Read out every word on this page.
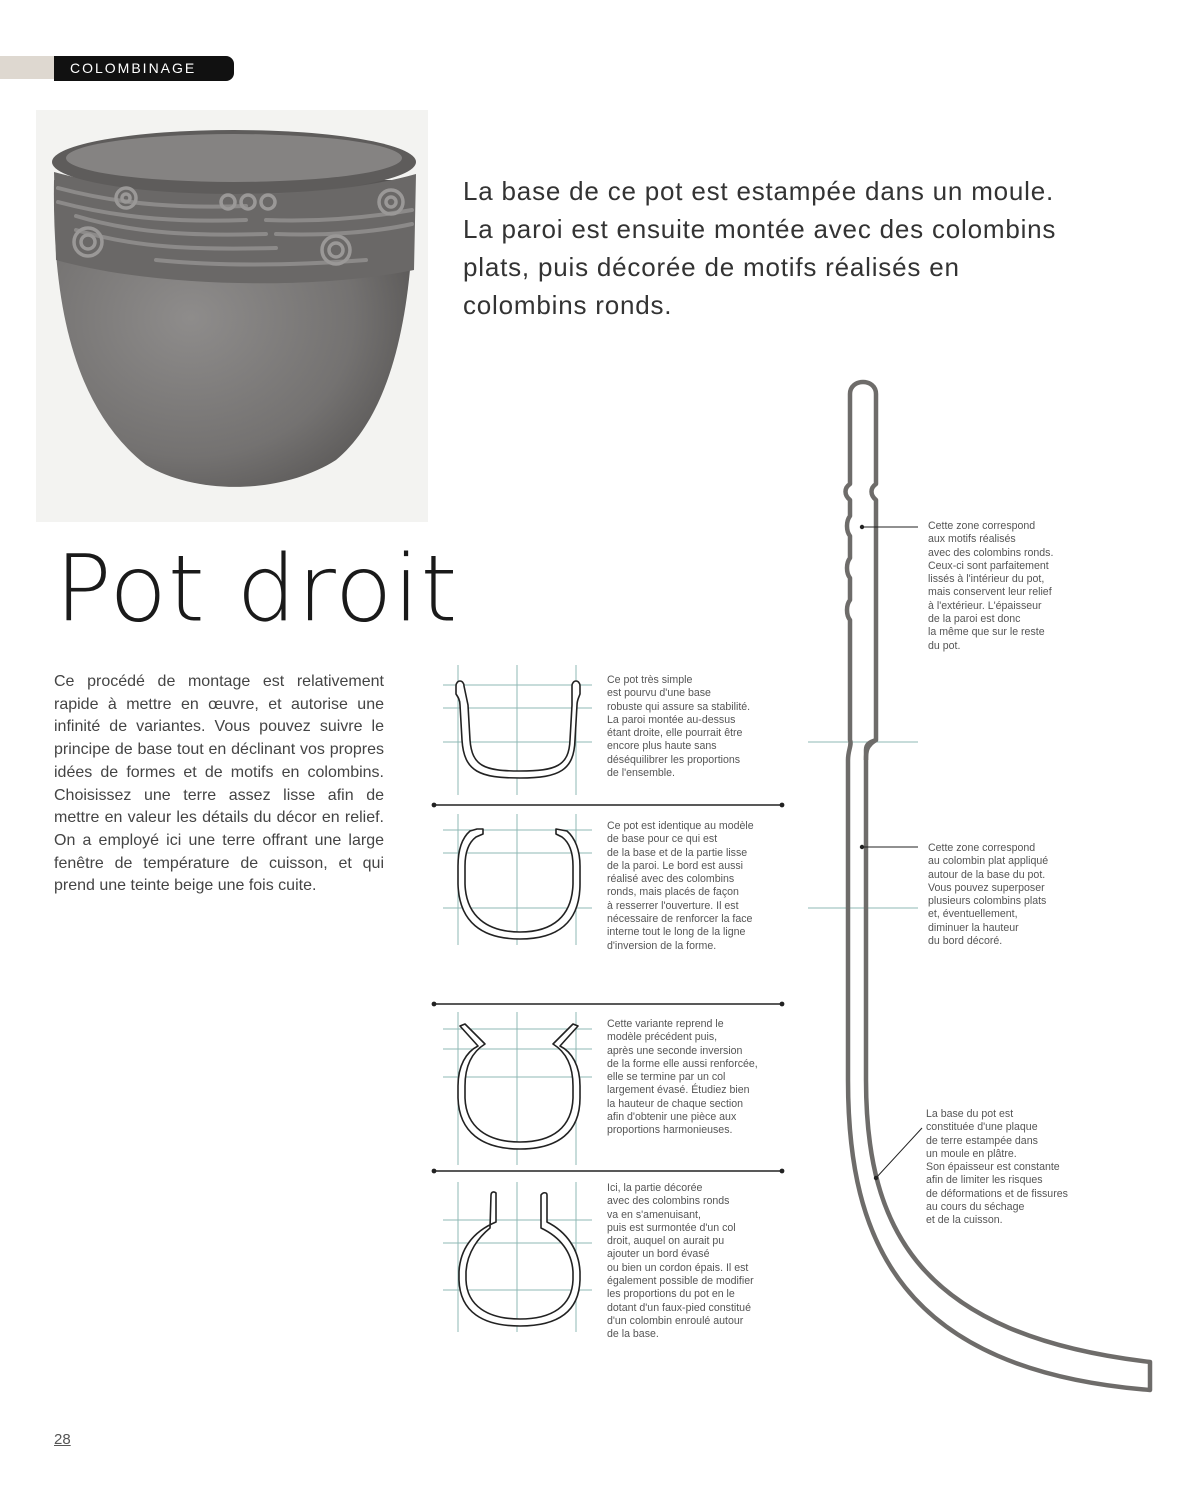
COLOMBINAGE
La base de ce pot est estampée dans un moule. La paroi est ensuite montée avec des colombins plats, puis décorée de motifs réalisés en colombins ronds.
Pot droit
Ce procédé de montage est relativement rapide à mettre en œuvre, et autorise une infinité de variantes. Vous pouvez suivre le principe de base tout en déclinant vos propres idées de formes et de motifs en colombins. Choisissez une terre assez lisse afin de mettre en valeur les détails du décor en relief. On a employé ici une terre offrant une large fenêtre de température de cuisson, et qui prend une teinte beige une fois cuite.
Ce pot très simple
est pourvu d'une base
robuste qui assure sa stabilité.
La paroi montée au-dessus
étant droite, elle pourrait être
encore plus haute sans
déséquilibrer les proportions
de l'ensemble.
Ce pot est identique au modèle
de base pour ce qui est
de la base et de la partie lisse
de la paroi. Le bord est aussi
réalisé avec des colombins
ronds, mais placés de façon
à resserrer l'ouverture. Il est
nécessaire de renforcer la face
interne tout le long de la ligne
d'inversion de la forme.
Cette variante reprend le
modèle précédent puis,
après une seconde inversion
de la forme elle aussi renforcée,
elle se termine par un col
largement évasé. Étudiez bien
la hauteur de chaque section
afin d'obtenir une pièce aux
proportions harmonieuses.
Ici, la partie décorée
avec des colombins ronds
va en s'amenuisant,
puis est surmontée d'un col
droit, auquel on aurait pu
ajouter un bord évasé
ou bien un cordon épais. Il est
également possible de modifier
les proportions du pot en le
dotant d'un faux-pied constitué
d'un colombin enroulé autour
de la base.
Cette zone correspond
aux motifs réalisés
avec des colombins ronds.
Ceux-ci sont parfaitement
lissés à l'intérieur du pot,
mais conservent leur relief
à l'extérieur. L'épaisseur
de la paroi est donc
la même que sur le reste
du pot.
Cette zone correspond
au colombin plat appliqué
autour de la base du pot.
Vous pouvez superposer
plusieurs colombins plats
et, éventuellement,
diminuer la hauteur
du bord décoré.
La base du pot est
constituée d'une plaque
de terre estampée dans
un moule en plâtre.
Son épaisseur est constante
afin de limiter les risques
de déformations et de fissures
au cours du séchage
et de la cuisson.
28
